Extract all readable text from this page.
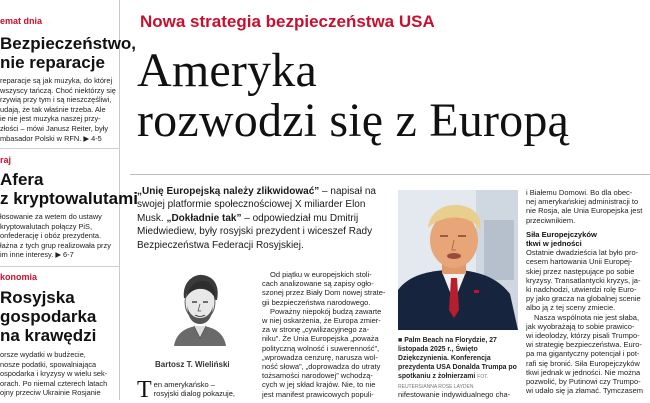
emat dnia
Bezpieczeństwo,
nie reparacje
reparacje są jak muzyka, do której
wszyscy tańczą. Choć niektórzy się
rzywią przy tym i są nieszczęśliwi,
udają, że tak właśnie trzeba. Ale
ie nie jest muzyka naszej przy-
złości – mówi Janusz Reiter, były
mbasador Polski w RFN. ▶ 4-5
raj
Afera
z kryptowalutami
łosowanie za wetem do ustawy
kryptowalutach połączy PiS,
onfederację i obóz prezydenta.
łażna z tych grup realizowała przy
im inne interesy. ▶ 6-7
konomia
Rosyjska
gospodarka
na krawędzi
orsze wydatki w budżecie,
nosze podatki, spowalniająca
ospodarka i kryzysy w wielu sek-
orach. Po niemal czterech latach
ojny przeciw Ukrainie Rosjanie
Nowa strategia bezpieczeństwa USA
Ameryka
rozwodzi się z Europą
„Unię Europejską należy zlikwidować” – napisał na swojej platformie społecznościowej X miliarder Elon Musk. „Dokładnie tak” – odpowiedział mu Dmitrij Miedwiediew, były rosyjski prezydent i wiceszef Rady Bezpieczeństwa Federacji Rosyjskiej.
Bartosz T. Wieliński
T en amerykańsko –
rosyjski dialog pokazuje,
Od piątku w europejskich stoli-
cach analizowane są zapisy ogło-
szonej przez Biały Dom nowej strate-
gii bezpieczeństwa narodowego.
Poważny niepokój budzą zawarte
w niej oskarżenia, że Europa zmier-
za w stronę „cywilizacyjnego za-
niku”. Że Unia Europejska „poważa
polityczną wolność i suwerenność”,
„wprowadza cenzurę, narusza wol-
ność słowa”, „doprowadza do utraty
tożsamości narodowej” wchodzą-
cych w jej skład krajów. Nie, to nie
jest manifest prawicowych populi-
■ Palm Beach na Florydzie, 27 listopada 2025 r., Święto Dziękczynienia. Konferencja prezydenta USA Donalda Trumpa po spotkaniu z żołnierzami FOT. REUTERS/ANNA ROSE LAYDEN
nifestowanie indywidualnego cha-
i Białemu Domowi. Bo dla obec-
nej amerykańskiej administracji to
nie Rosja, ale Unia Europejska jest
przeciwnikiem.
Siła Europejczyków
tkwi w jedności
Ostatnie dwadzieścia lat było pro-
cesem hartowania Unii Europej-
skiej przez następujące po sobie
kryzysy. Transatlantycki kryzys, ja-
ki nadchodzi, utwierdzi rolę Euro-
py jako gracza na globalnej scenie
albo ją z tej sceny zmiecie.
Nasza wspólnota nie jest słaba,
jak wyobrażają to sobie prawico-
wi ideolodzy, którzy pisali Trumpo-
wi strategię bezpieczeństwa. Euro-
pa ma gigantyczny potencjał i pot-
rafi się bronić. Siła Europejczyków
tkwi jednak w jedności. Nie można
pozwolić, by Putinowi czy Trumpo-
wi udało się ja złamać. Tymczasem
